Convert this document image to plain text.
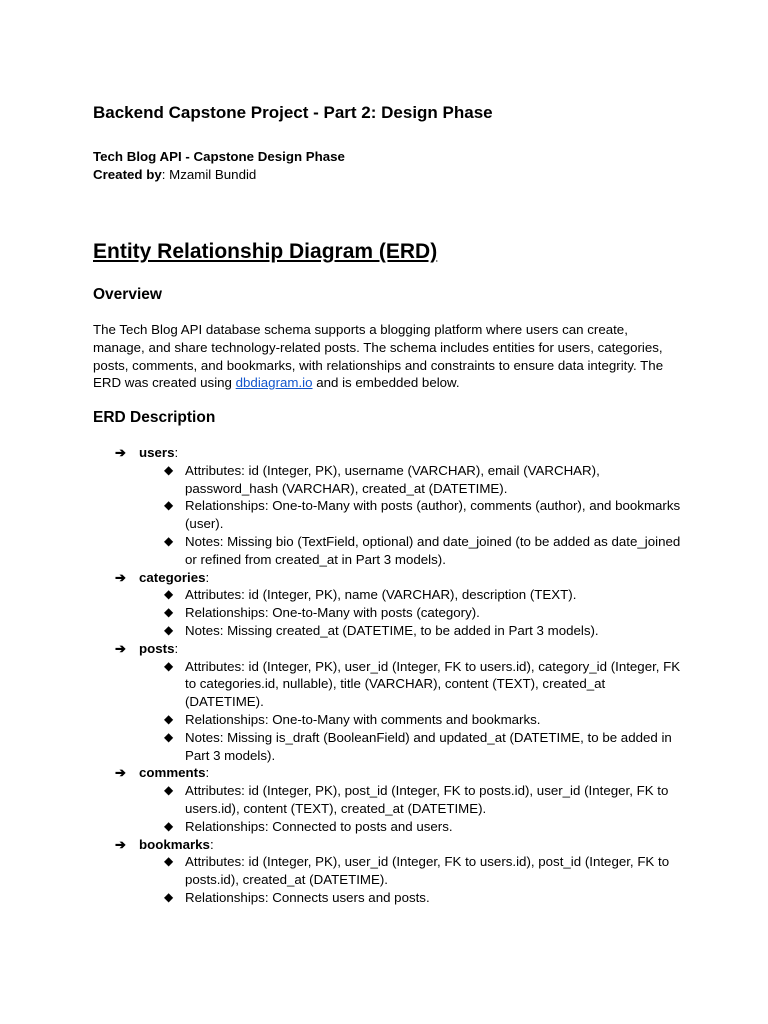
Backend Capstone Project - Part 2: Design Phase
Tech Blog API - Capstone Design Phase
Created by: Mzamil Bundid
Entity Relationship Diagram (ERD)
Overview
The Tech Blog API database schema supports a blogging platform where users can create, manage, and share technology-related posts. The schema includes entities for users, categories, posts, comments, and bookmarks, with relationships and constraints to ensure data integrity. The ERD was created using dbdiagram.io and is embedded below.
ERD Description
➔ users:
◆ Attributes: id (Integer, PK), username (VARCHAR), email (VARCHAR), password_hash (VARCHAR), created_at (DATETIME).
◆ Relationships: One-to-Many with posts (author), comments (author), and bookmarks (user).
◆ Notes: Missing bio (TextField, optional) and date_joined (to be added as date_joined or refined from created_at in Part 3 models).
➔ categories:
◆ Attributes: id (Integer, PK), name (VARCHAR), description (TEXT).
◆ Relationships: One-to-Many with posts (category).
◆ Notes: Missing created_at (DATETIME, to be added in Part 3 models).
➔ posts:
◆ Attributes: id (Integer, PK), user_id (Integer, FK to users.id), category_id (Integer, FK to categories.id, nullable), title (VARCHAR), content (TEXT), created_at (DATETIME).
◆ Relationships: One-to-Many with comments and bookmarks.
◆ Notes: Missing is_draft (BooleanField) and updated_at (DATETIME, to be added in Part 3 models).
➔ comments:
◆ Attributes: id (Integer, PK), post_id (Integer, FK to posts.id), user_id (Integer, FK to users.id), content (TEXT), created_at (DATETIME).
◆ Relationships: Connected to posts and users.
➔ bookmarks:
◆ Attributes: id (Integer, PK), user_id (Integer, FK to users.id), post_id (Integer, FK to posts.id), created_at (DATETIME).
◆ Relationships: Connects users and posts.
